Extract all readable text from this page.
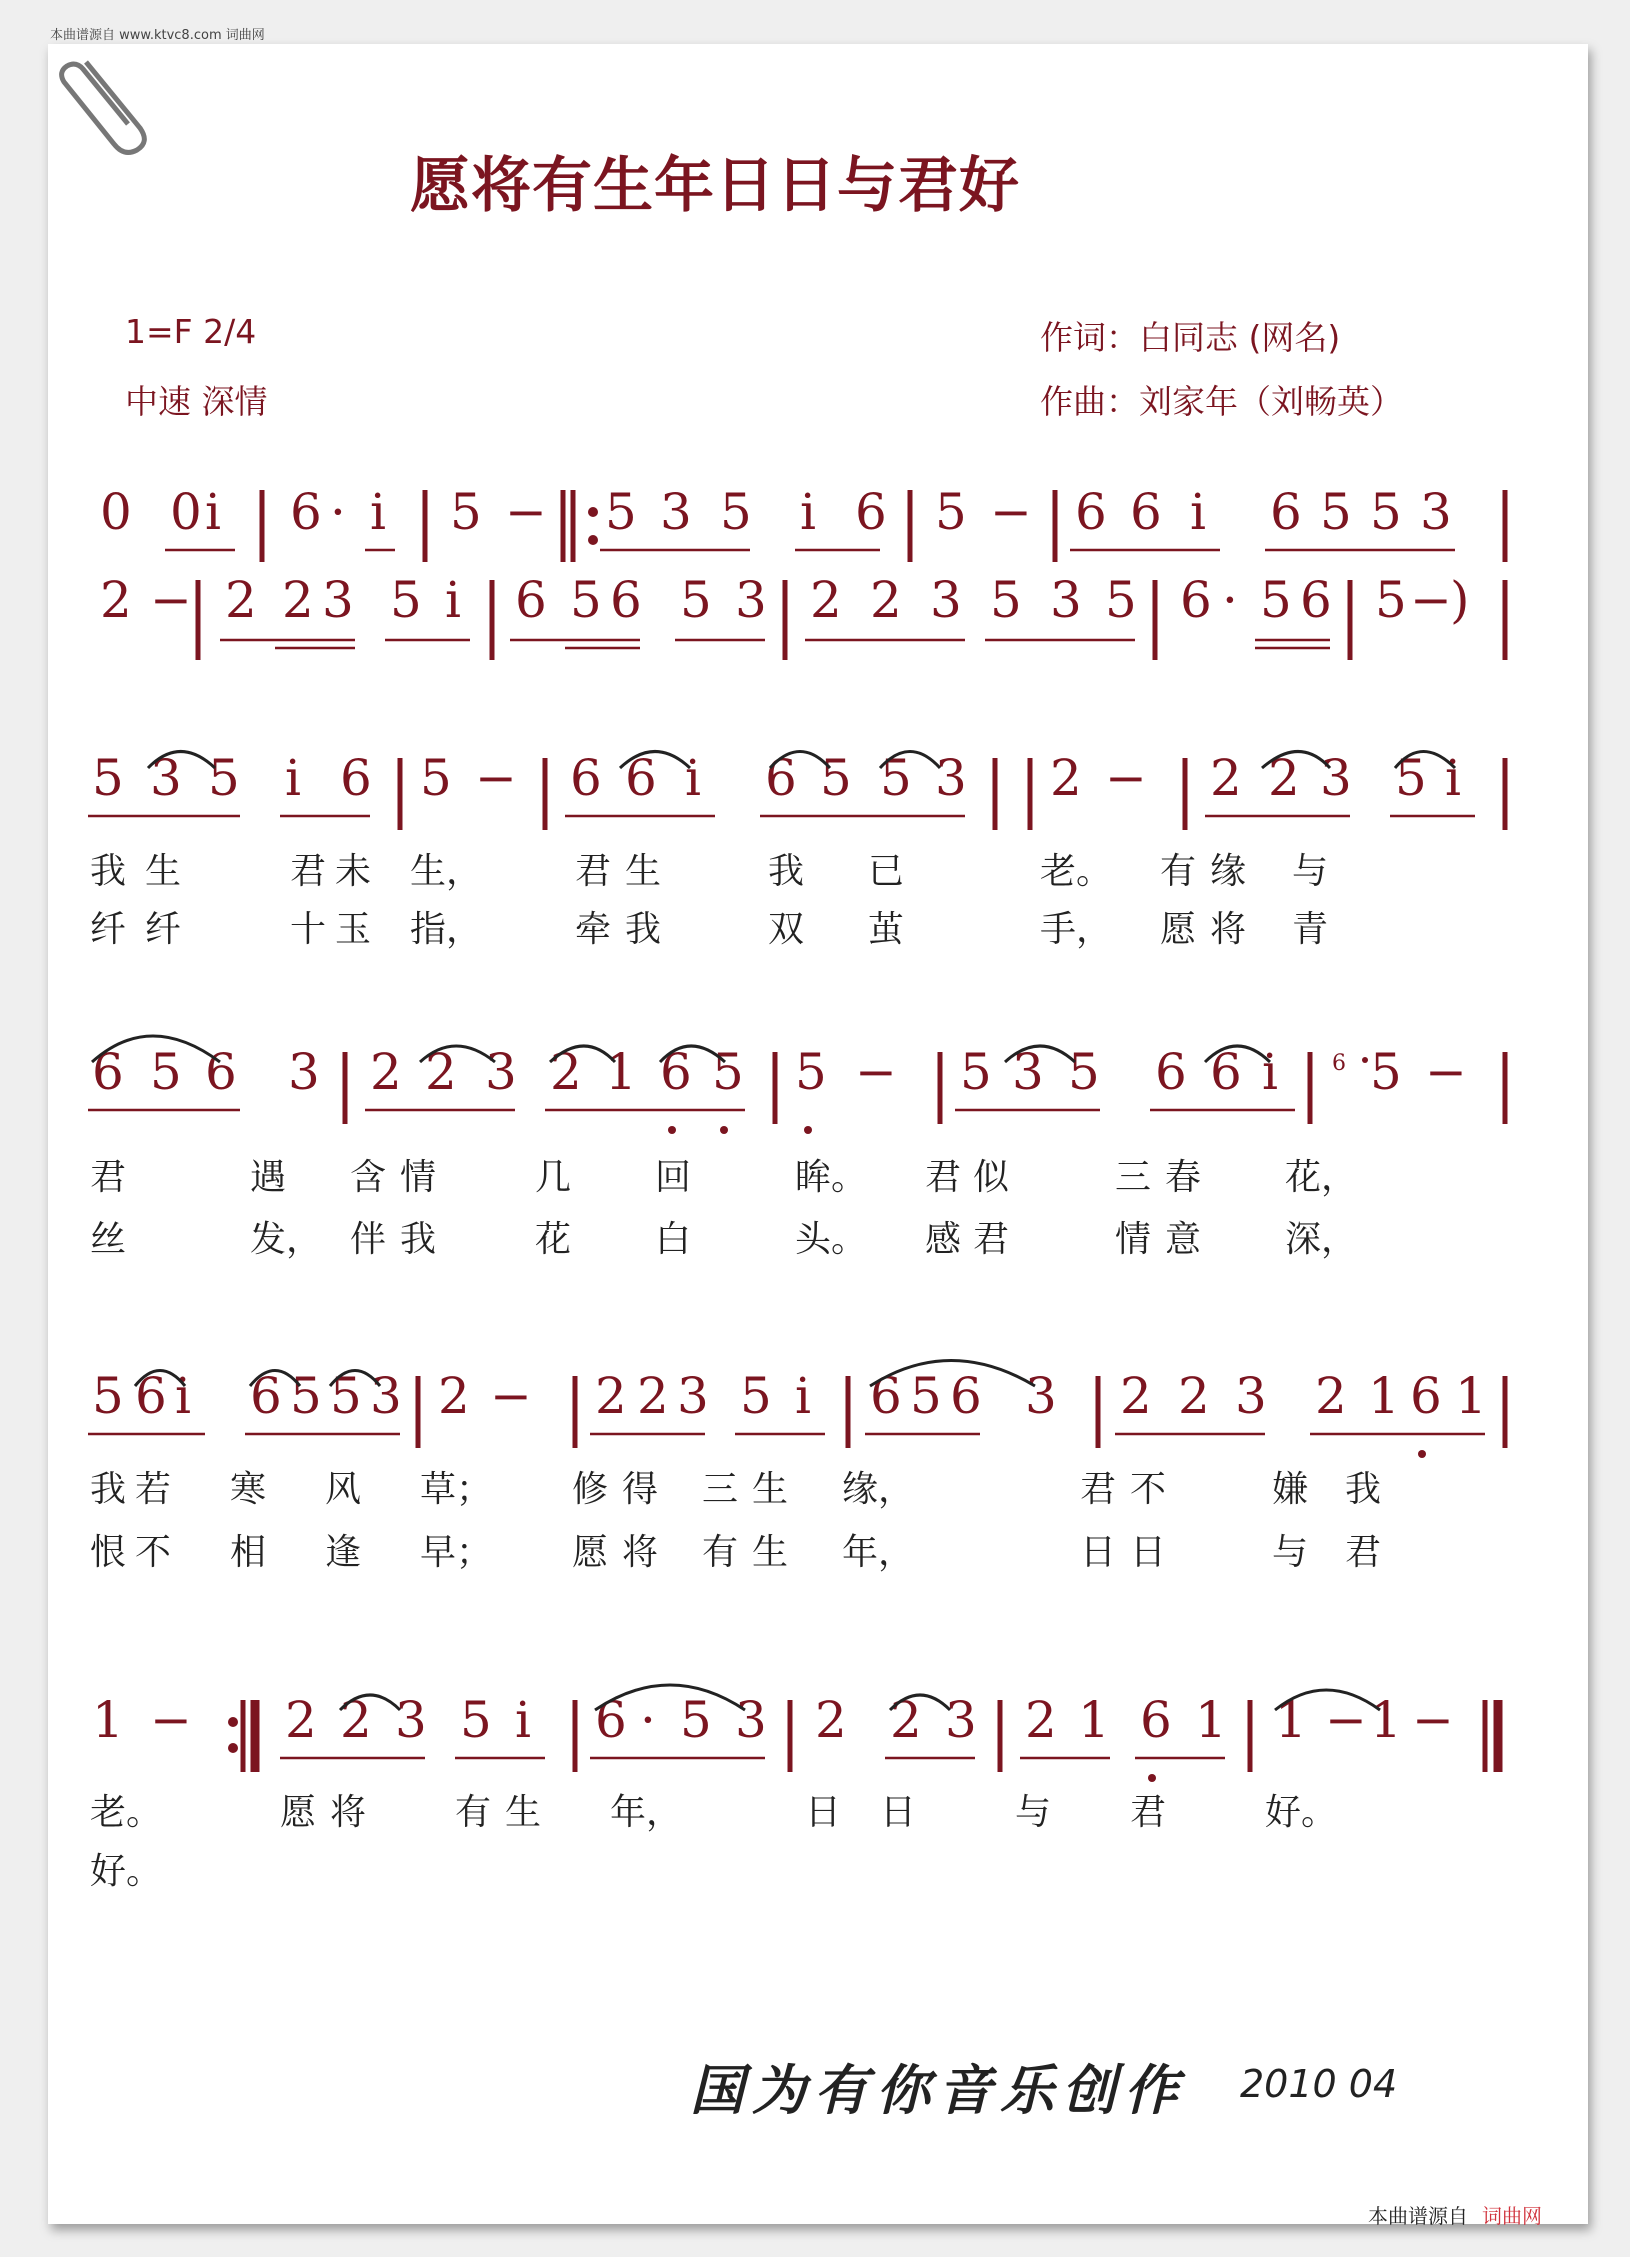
本曲谱源自 www.ktvc8.com 词曲网
愿将有生年日日与君好
1=F 2/4
中速 深情
作词：白同志 (网名)
作曲：刘家年（刘畅英）
0 0 i 6 · i 5 − 5 3 5 i 6 5 − 6 6 i 6 5 5 3
2 − 2 2 3 5 i 6 5 6 5 3 2 2 3 5 3 5 6 · 5 6 5 −
)
5 3 5 i 6 5 − 6 6 i 6 5 5 3 2 − 2 2 3 5 i
6 5 6 3 2 2 3 2 1 6 5 5 − 5 3 5 6 6 i 5 −
5 6 i 6 5 5 3 2 − 2 2 3 5 i 6 5 6 3 2 2 3 2 1 6 1
1 − 2 2 3 5 i 6 · 5 3 2 2 3 2 1 6 1 1 − 1 −
我 生	君 未 生，	君 生	我 已	老。 有 缘 与
纤 纤	十 玉 指，	牵 我	双 茧	手， 愿 将 青
君	遇 含 情	几 回	眸。 君 似	三 春 花，
丝	发， 伴 我	花 白	头。 感 君	情 意 深，
我 若 寒 风 草； 修 得 三 生 缘，	君 不	嫌 我
恨 不 相 逢 早； 愿 将 有 生 年，	日 日	与 君
老。	愿 将 有 生 年，	日 日	与 君	好。
好。
6
国为有你音乐创作 2010 04
本曲谱源自 词曲网
